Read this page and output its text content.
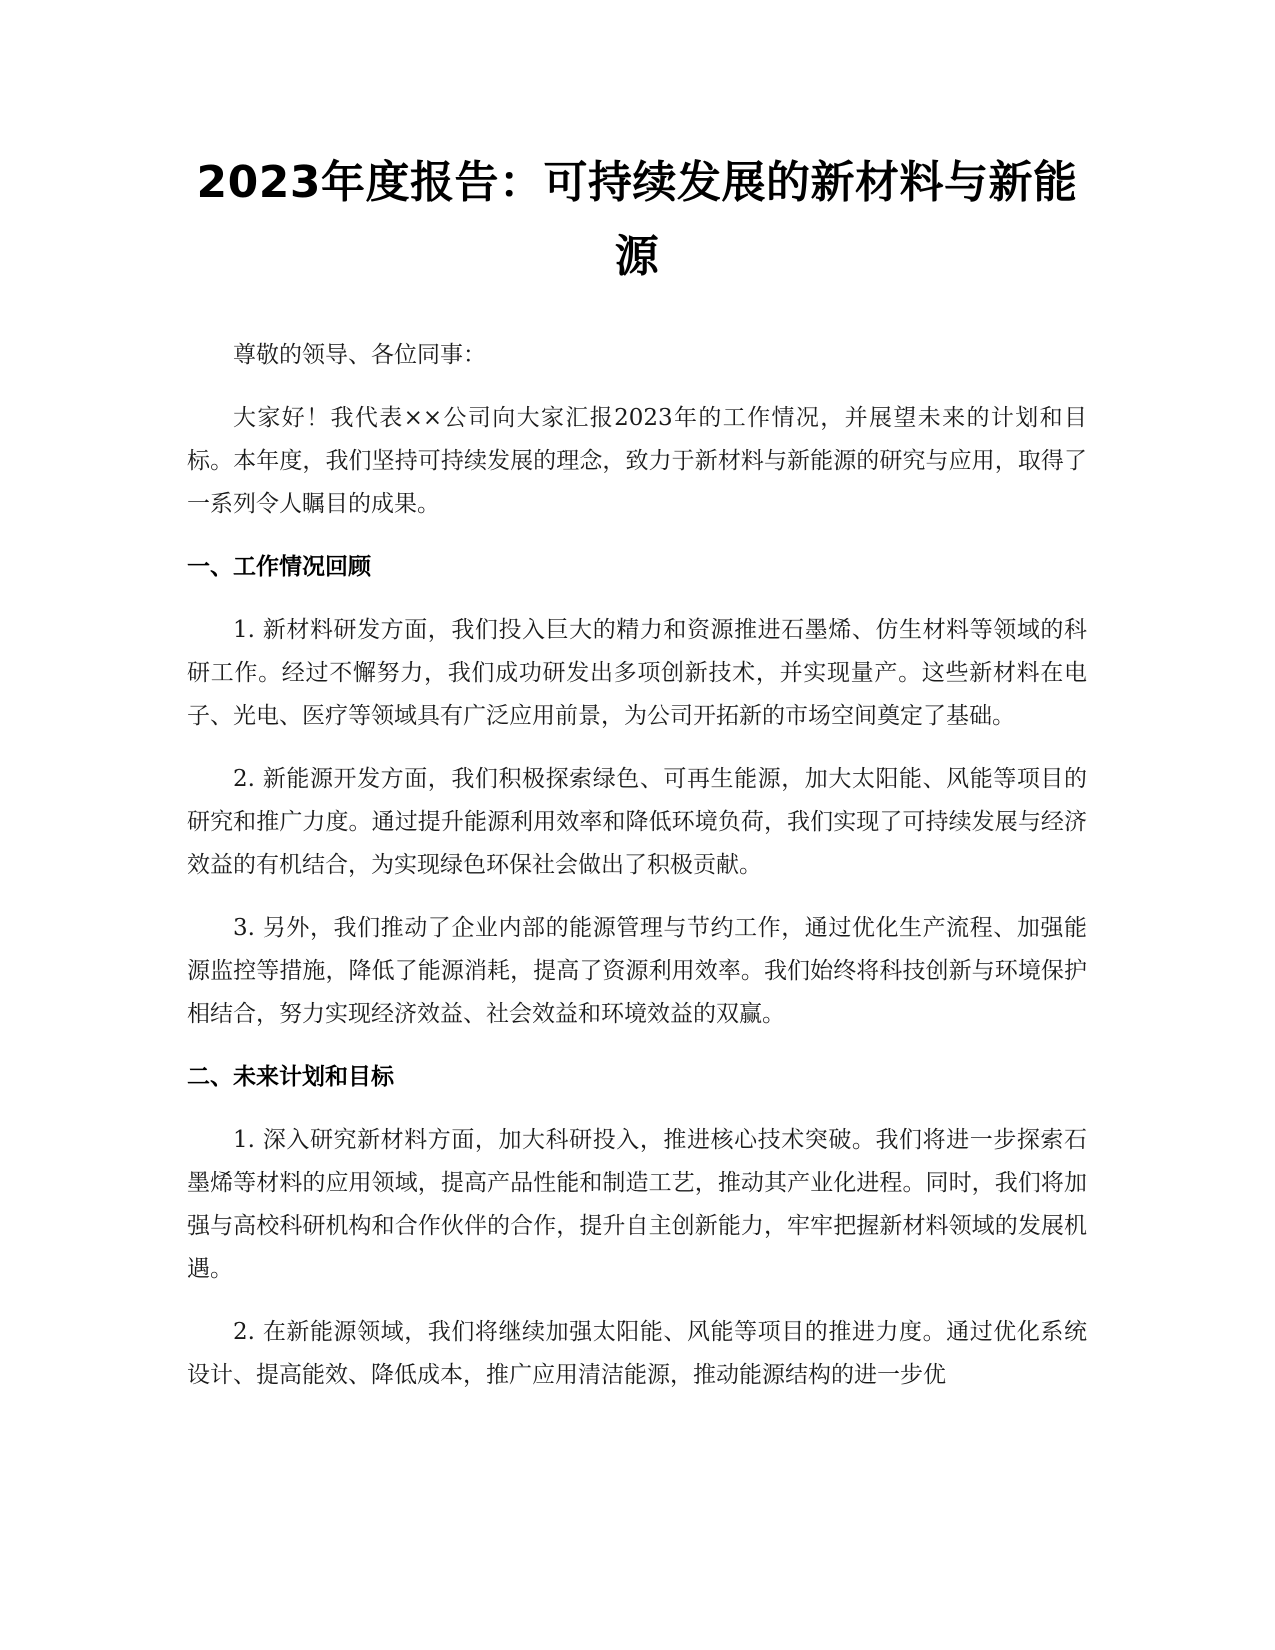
2023年度报告：可持续发展的新材料与新能源

尊敬的领导、各位同事：

大家好！我代表××公司向大家汇报2023年的工作情况，并展望未来的计划和目标。本年度，我们坚持可持续发展的理念，致力于新材料与新能源的研究与应用，取得了一系列令人瞩目的成果。

一、工作情况回顾

1. 新材料研发方面，我们投入巨大的精力和资源推进石墨烯、仿生材料等领域的科研工作。经过不懈努力，我们成功研发出多项创新技术，并实现量产。这些新材料在电子、光电、医疗等领域具有广泛应用前景，为公司开拓新的市场空间奠定了基础。

2. 新能源开发方面，我们积极探索绿色、可再生能源，加大太阳能、风能等项目的研究和推广力度。通过提升能源利用效率和降低环境负荷，我们实现了可持续发展与经济效益的有机结合，为实现绿色环保社会做出了积极贡献。

3. 另外，我们推动了企业内部的能源管理与节约工作，通过优化生产流程、加强能源监控等措施，降低了能源消耗，提高了资源利用效率。我们始终将科技创新与环境保护相结合，努力实现经济效益、社会效益和环境效益的双赢。

二、未来计划和目标

1. 深入研究新材料方面，加大科研投入，推进核心技术突破。我们将进一步探索石墨烯等材料的应用领域，提高产品性能和制造工艺，推动其产业化进程。同时，我们将加强与高校科研机构和合作伙伴的合作，提升自主创新能力，牢牢把握新材料领域的发展机遇。

2. 在新能源领域，我们将继续加强太阳能、风能等项目的推进力度。通过优化系统设计、提高能效、降低成本，推广应用清洁能源，推动能源结构的进一步优
